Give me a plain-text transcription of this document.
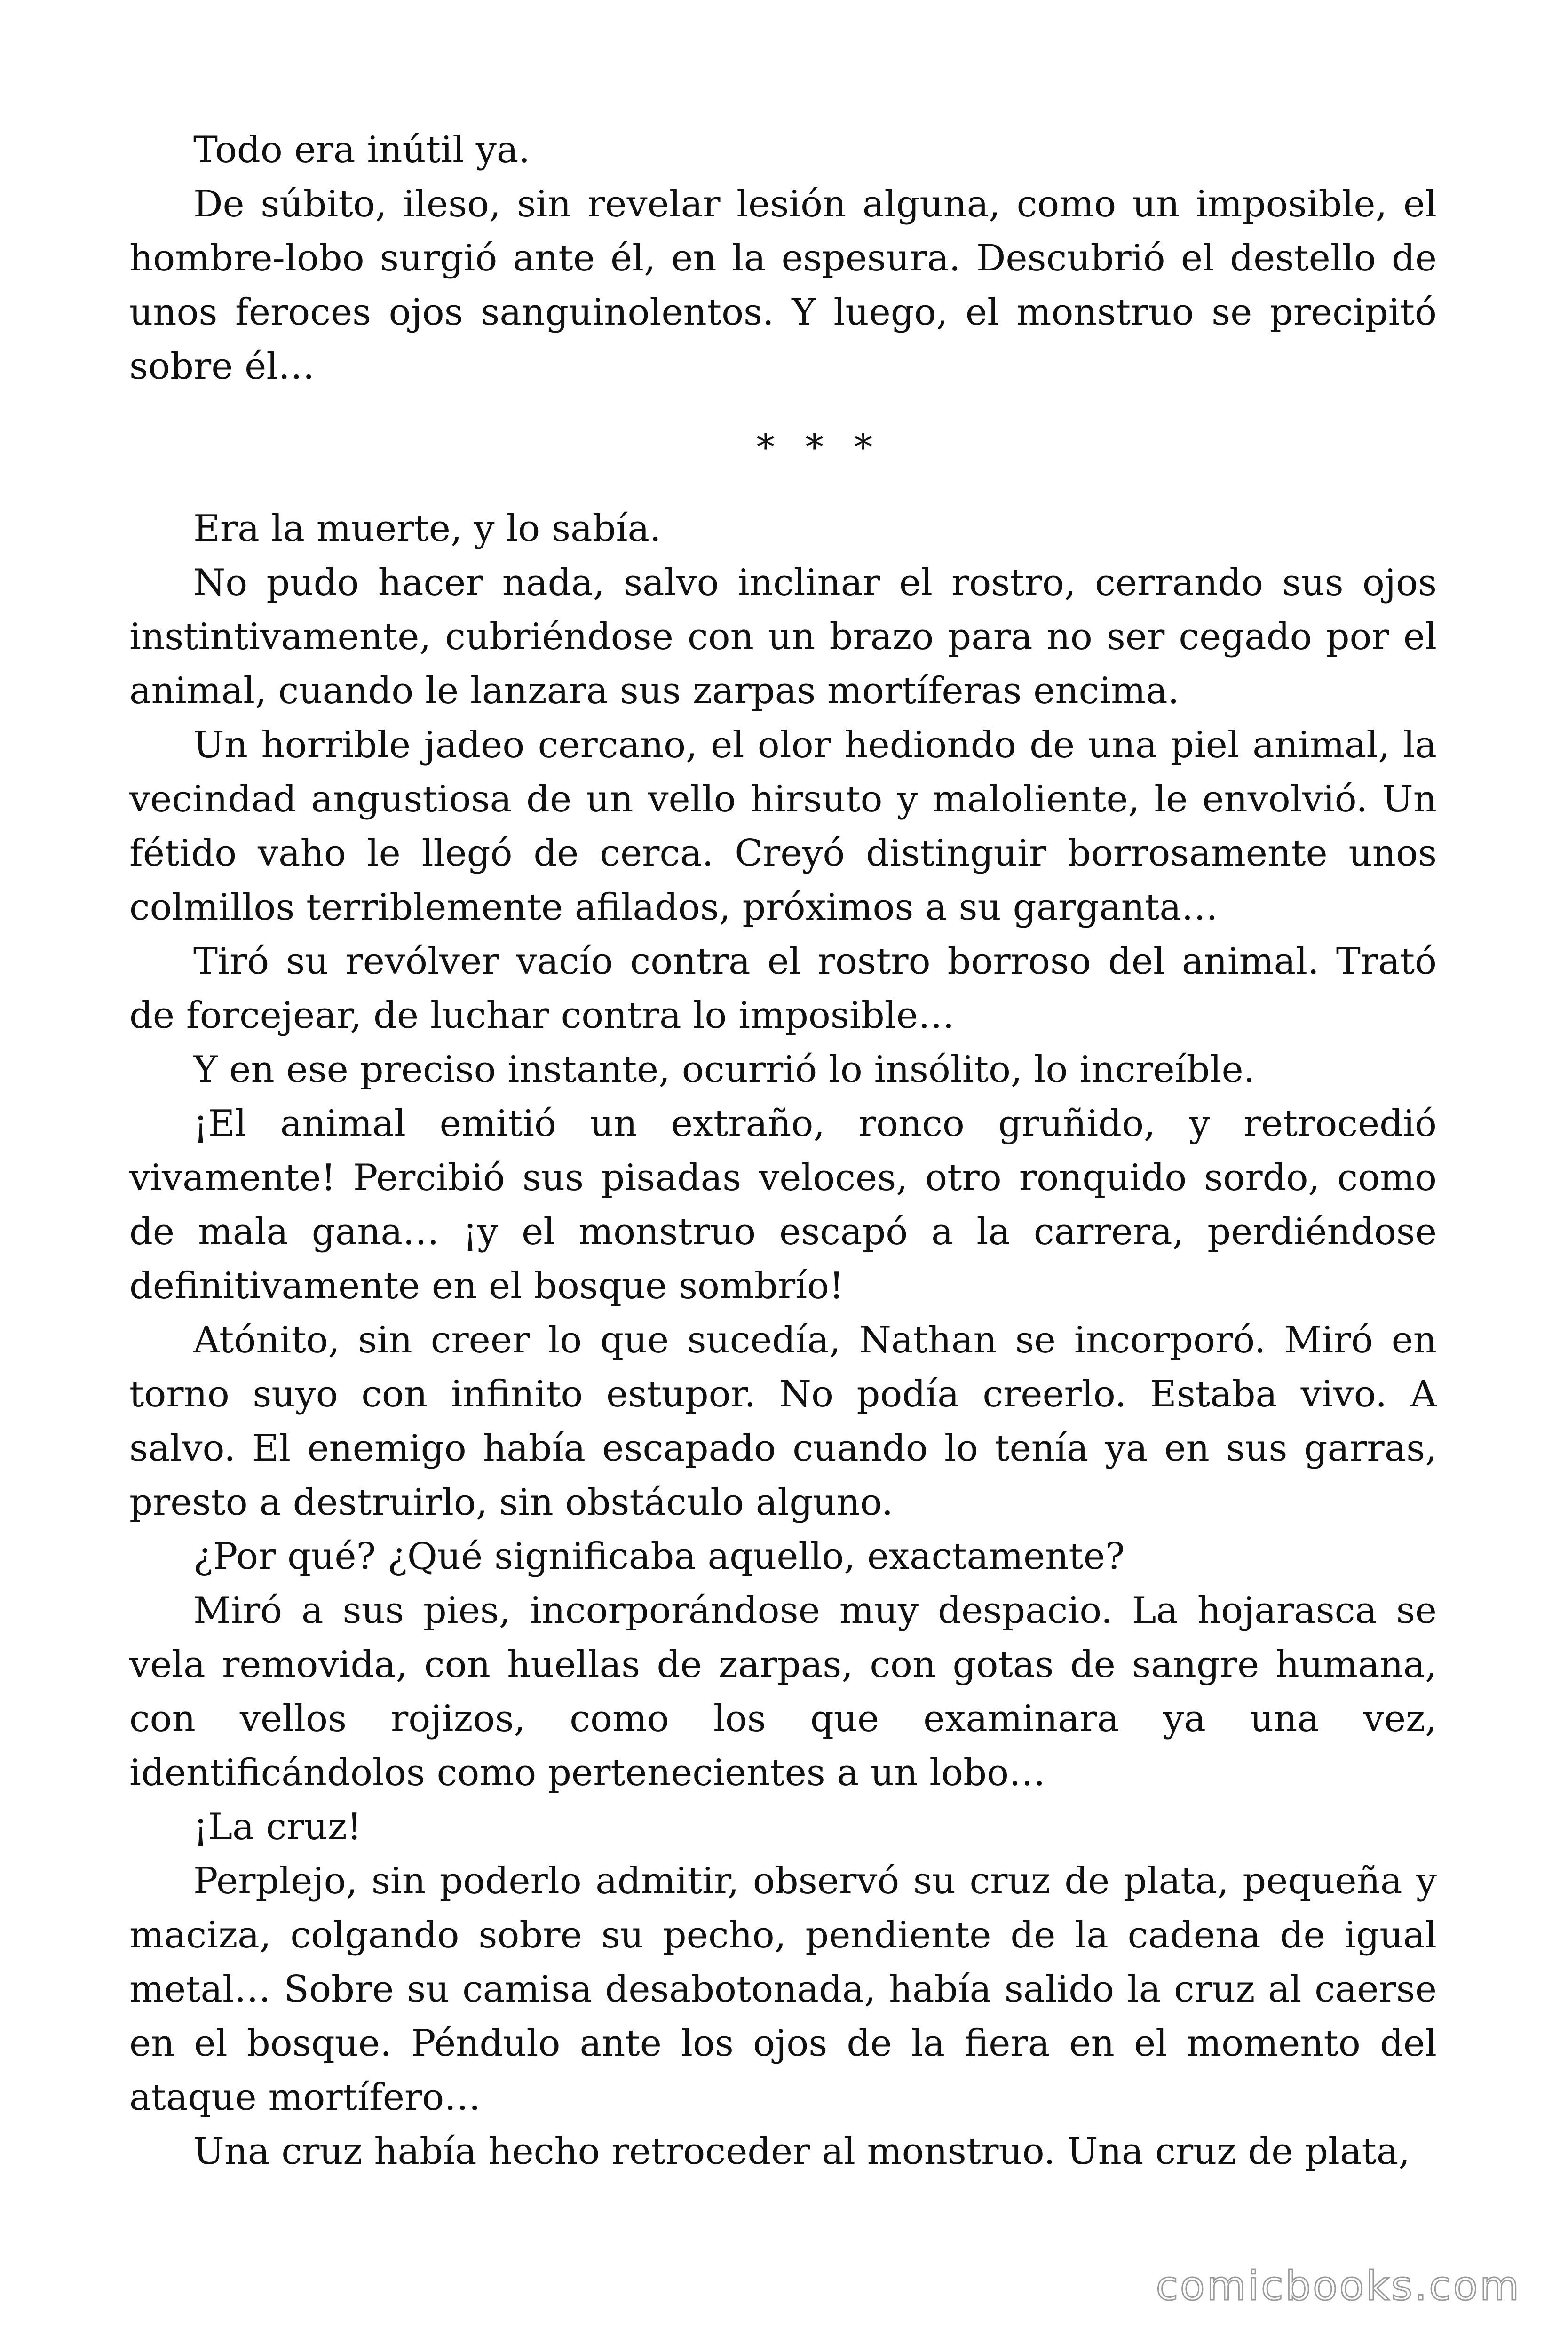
Todo era inútil ya.

De súbito, ileso, sin revelar lesión alguna, como un imposible, el hombre-lobo surgió ante él, en la espesura. Descubrió el destello de unos feroces ojos sanguinolentos. Y luego, el monstruo se precipitó sobre él…

* * *

Era la muerte, y lo sabía.

No pudo hacer nada, salvo inclinar el rostro, cerrando sus ojos instintivamente, cubriéndose con un brazo para no ser cegado por el animal, cuando le lanzara sus zarpas mortíferas encima.

Un horrible jadeo cercano, el olor hediondo de una piel animal, la vecindad angustiosa de un vello hirsuto y maloliente, le envolvió. Un fétido vaho le llegó de cerca. Creyó distinguir borrosamente unos colmillos terriblemente afilados, próximos a su garganta…

Tiró su revólver vacío contra el rostro borroso del animal. Trató de forcejear, de luchar contra lo imposible…

Y en ese preciso instante, ocurrió lo insólito, lo increíble.

¡El animal emitió un extraño, ronco gruñido, y retrocedió vivamente! Percibió sus pisadas veloces, otro ronquido sordo, como de mala gana… ¡y el monstruo escapó a la carrera, perdiéndose definitivamente en el bosque sombrío!

Atónito, sin creer lo que sucedía, Nathan se incorporó. Miró en torno suyo con infinito estupor. No podía creerlo. Estaba vivo. A salvo. El enemigo había escapado cuando lo tenía ya en sus garras, presto a destruirlo, sin obstáculo alguno.

¿Por qué? ¿Qué significaba aquello, exactamente?

Miró a sus pies, incorporándose muy despacio. La hojarasca se vela removida, con huellas de zarpas, con gotas de sangre humana, con vellos rojizos, como los que examinara ya una vez, identificándolos como pertenecientes a un lobo…

¡La cruz!

Perplejo, sin poderlo admitir, observó su cruz de plata, pequeña y maciza, colgando sobre su pecho, pendiente de la cadena de igual metal… Sobre su camisa desabotonada, había salido la cruz al caerse en el bosque. Péndulo ante los ojos de la fiera en el momento del ataque mortífero…

Una cruz había hecho retroceder al monstruo. Una cruz de plata,

comicbooks.com
